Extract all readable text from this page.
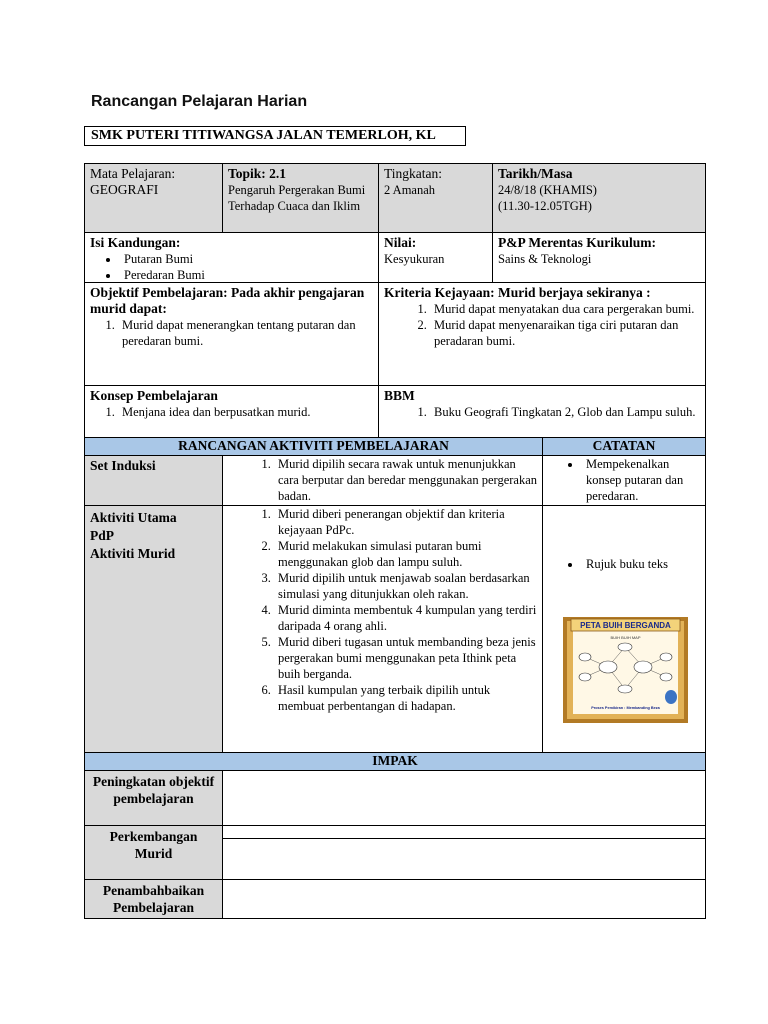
Rancangan Pelajaran Harian
SMK PUTERI TITIWANGSA JALAN TEMERLOH, KL
Mata Pelajaran:
GEOGRAFI
Topik: 2.1
Pengaruh Pergerakan Bumi Terhadap Cuaca dan Iklim
Tingkatan:
2 Amanah
Tarikh/Masa
24/8/18 (KHAMIS)
(11.30-12.05TGH)
Isi Kandungan:
• Putaran Bumi
• Peredaran Bumi
Nilai:
Kesyukuran
P&P Merentas Kurikulum:
Sains & Teknologi
Objektif Pembelajaran: Pada akhir pengajaran murid dapat:
1. Murid dapat menerangkan tentang putaran dan peredaran bumi.
Kriteria Kejayaan: Murid berjaya sekiranya :
1. Murid dapat menyatakan dua cara pergerakan bumi.
2. Murid dapat menyenaraikan tiga ciri putaran dan peradaran bumi.
Konsep Pembelajaran
1. Menjana idea dan berpusatkan murid.
BBM
1. Buku Geografi Tingkatan 2, Glob dan Lampu suluh.
RANCANGAN AKTIVITI PEMBELAJARAN	CATATAN
Set Induksi
1.	Murid dipilih secara rawak untuk menunjukkan cara berputar dan beredar menggunakan pergerakan badan.
• Mempekenalkan konsep putaran dan peredaran.
Aktiviti Utama
PdP
Aktiviti Murid
1. Murid diberi penerangan objektif dan kriteria kejayaan PdPc.
2. Murid melakukan simulasi putaran bumi menggunakan glob dan lampu suluh.
3. Murid dipilih untuk menjawab soalan berdasarkan simulasi yang ditunjukkan oleh rakan.
4. Murid diminta membentuk 4 kumpulan yang terdiri daripada 4 orang ahli.
5. Murid diberi tugasan untuk membanding beza jenis pergerakan bumi menggunakan peta Ithink peta buih berganda.
6. Hasil kumpulan yang terbaik dipilih untuk membuat perbentangan di hadapan.
• Rujuk buku teks
PETA BUIH BERGANDA
BUIH BUIH MAP
Proses Pemikiran : Membanding Beza
IMPAK
Peningkatan objektif pembelajaran
Perkembangan Murid
Penambahbaikan Pembelajaran
